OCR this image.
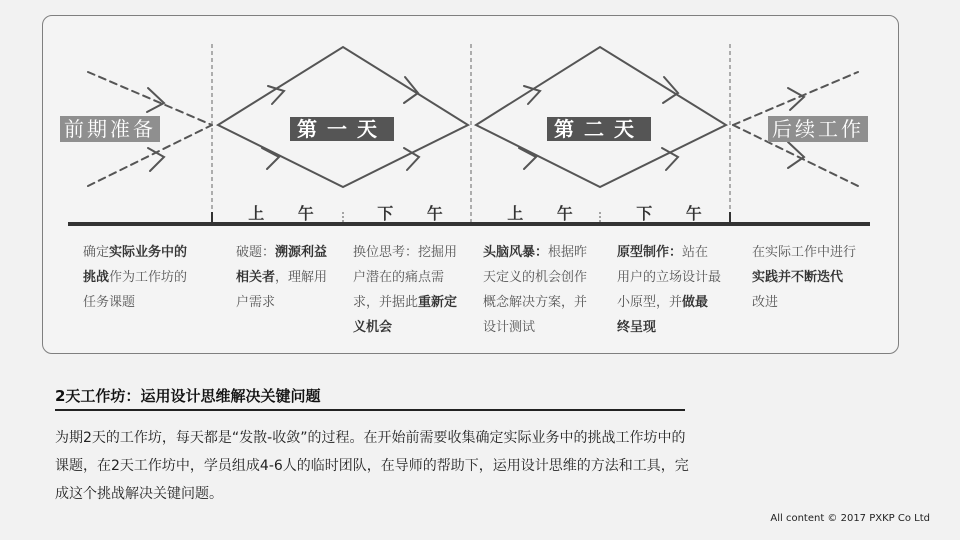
前期准备	第一天	第二天	后续工作
上 午	下 午	上 午	下 午
确定实际业务中的挑战作为工作坊的任务课题
破题：溯源利益相关者，理解用户需求
换位思考：挖掘用户潜在的痛点需求，并据此重新定义机会
头脑风暴：根据昨天定义的机会创作概念解决方案，并设计测试
原型制作：站在用户的立场设计最小原型，并做最终呈现
在实际工作中进行实践并不断迭代改进
2天工作坊：运用设计思维解决关键问题
为期2天的工作坊，每天都是“发散-收敛”的过程。在开始前需要收集确定实际业务中的挑战工作坊中的课题，在2天工作坊中，学员组成4-6人的临时团队，在导师的帮助下，运用设计思维的方法和工具，完成这个挑战解决关键问题。
All content © 2017 PXKP Co Ltd
